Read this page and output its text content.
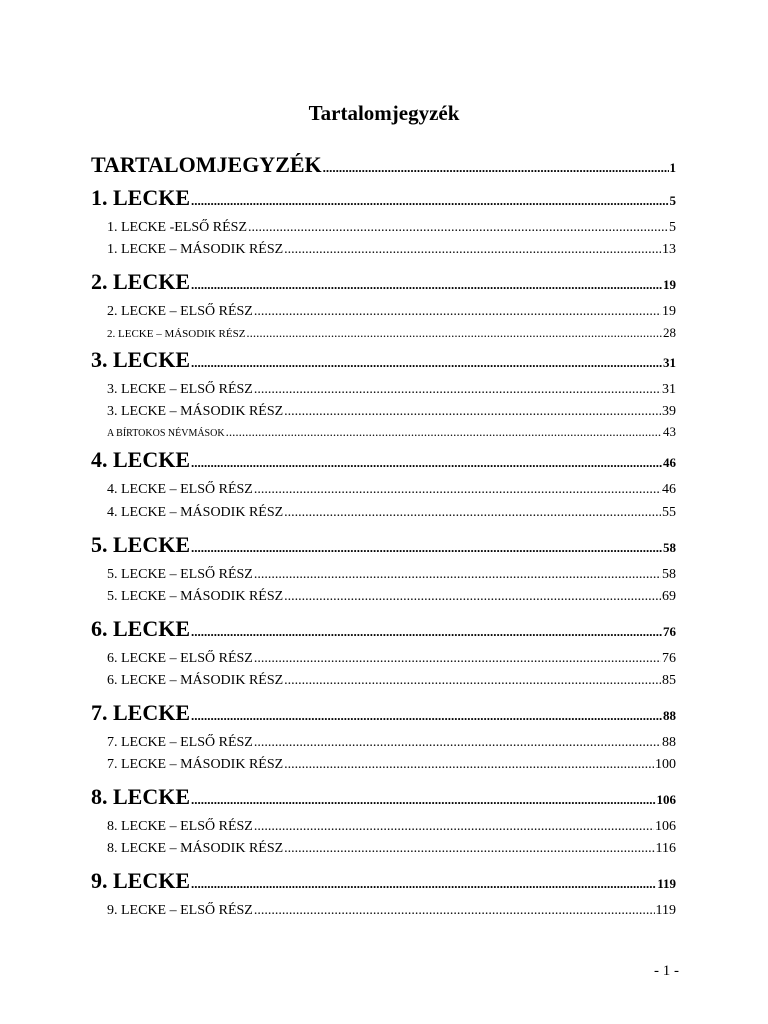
Tartalomjegyzék
TARTALOMJEGYZÉK .....	1
1. LECKE .....	5
1. LECKE -ELSŐ RÉSZ .....	5
1. LECKE – MÁSODIK RÉSZ .....	13
2. LECKE .....	19
2. LECKE – ELSŐ RÉSZ .....	19
2. LECKE – MÁSODIK RÉSZ .....	28
3. LECKE .....	31
3. LECKE – ELSŐ RÉSZ .....	31
3. LECKE – MÁSODIK RÉSZ .....	39
A BÍRTOKOS NÉVMÁSOK .....	43
4. LECKE .....	46
4. LECKE – ELSŐ RÉSZ .....	46
4. LECKE – MÁSODIK RÉSZ .....	55
5. LECKE .....	58
5. LECKE – ELSŐ RÉSZ .....	58
5. LECKE – MÁSODIK RÉSZ .....	69
6. LECKE .....	76
6. LECKE – ELSŐ RÉSZ .....	76
6. LECKE – MÁSODIK RÉSZ .....	85
7. LECKE .....	88
7. LECKE – ELSŐ RÉSZ .....	88
7. LECKE – MÁSODIK RÉSZ .....	100
8. LECKE .....	106
8. LECKE – ELSŐ RÉSZ .....	106
8. LECKE – MÁSODIK RÉSZ .....	116
9. LECKE .....	119
9. LECKE – ELSŐ RÉSZ .....	119
- 1 -
